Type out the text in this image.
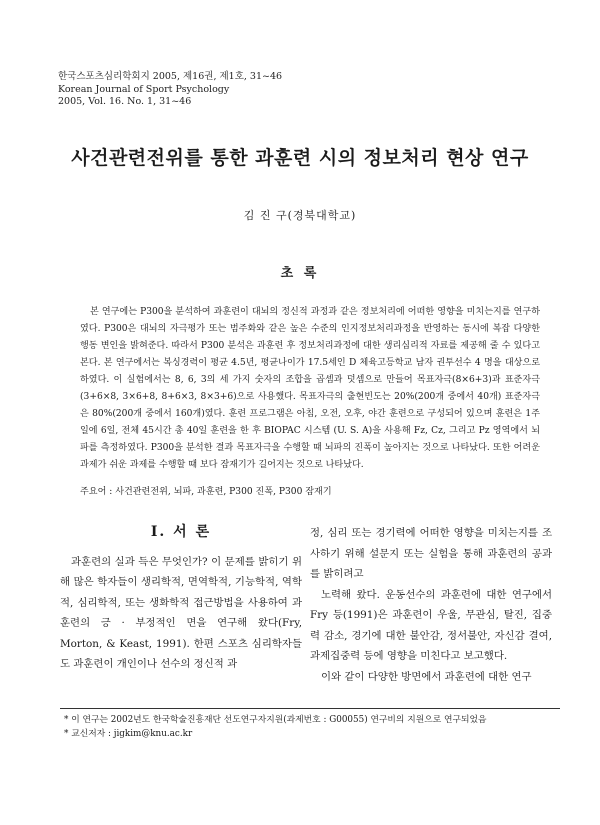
한국스포츠심리학회지 2005, 제16권, 제1호, 31~46
Korean Journal of Sport Psychology
2005, Vol. 16. No. 1, 31~46
사건관련전위를 통한 과훈련 시의 정보처리 현상 연구
김 진 구(경북대학교)
초 록
본 연구에는 P300을 분석하여 과훈련이 대뇌의 정신적 과정과 같은 정보처리에 어떠한 영향을 미치는지를 연구하였다. P300은 대뇌의 자극평가 또는 범주화와 같은 높은 수준의 인지정보처리과정을 반영하는 동시에 복잡 다양한 행동 변인을 밝혀준다. 따라서 P300 분석은 과훈련 후 정보처리과정에 대한 생리심리적 자료를 제공해 줄 수 있다고 본다. 본 연구에서는 복싱경력이 평균 4.5년, 평균나이가 17.5세인 D 체육고등학교 남자 권투선수 4 명을 대상으로 하였다. 이 실험에서는 8, 6, 3의 세 가지 숫자의 조합을 곱셈과 덧셈으로 만들어 목표자극(8×6+3)과 표준자극(3+6×8, 3×6+8, 8+6×3, 8×3+6)으로 사용했다. 목표자극의 출현빈도는 20%(200개 중에서 40개) 표준자극은 80%(200개 중에서 160개)였다. 훈련 프로그램은 아침, 오전, 오후, 야간 훈련으로 구성되어 있으며 훈련은 1주일에 6일, 전체 45시간 총 40일 훈련을 한 후 BIOPAC 시스템 (U. S. A)을 사용해 Fz, Cz, 그리고 Pz 영역에서 뇌파를 측정하였다. P300을 분석한 결과 목표자극을 수행할 때 뇌파의 진폭이 높아지는 것으로 나타났다. 또한 어려운 과제가 쉬운 과제를 수행할 때 보다 잠재기가 길어지는 것으로 나타났다.
주요어 : 사건관련전위, 뇌파, 과훈련, P300 진폭, P300 잠재기
Ⅰ. 서 론

과훈련의 실과 득은 무엇인가? 이 문제를 밝히기 위해 많은 학자들이 생리학적, 면역학적, 기능학적, 역학적, 심리학적, 또는 생화학적 접근방법을 사용하여 과훈련의 긍 · 부정적인 면을 연구해 왔다(Fry, Morton, & Keast, 1991). 한편 스포츠 심리학자들도 과훈련이 개인이나 선수의 정신적 과

정, 심리 또는 경기력에 어떠한 영향을 미치는지를 조사하기 위해 설문지 또는 실험을 통해 과훈련의 공과를 밝히려고

노력해 왔다. 운동선수의 과훈련에 대한 연구에서 Fry 등(1991)은 과훈련이 우울, 무관심, 탈진, 집중력 감소, 경기에 대한 불안감, 정서불안, 자신감 결여, 과제집중력 등에 영향을 미친다고 보고했다.

이와 같이 다양한 방면에서 과훈련에 대한 연구

* 이 연구는 2002년도 한국학술진흥재단 선도연구자지원(과제번호 : G00055) 연구비의 지원으로 연구되었음
* 교신저자 : jigkim@knu.ac.kr
